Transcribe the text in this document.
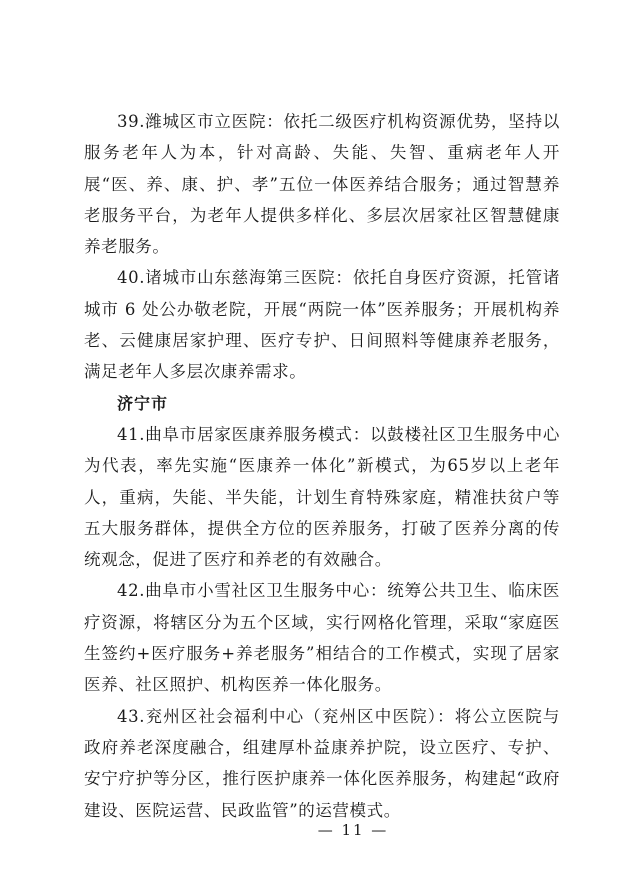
39.潍城区市立医院：依托二级医疗机构资源优势，坚持以服务老年人为本，针对高龄、失能、失智、重病老年人开展“医、养、康、护、孝”五位一体医养结合服务；通过智慧养老服务平台，为老年人提供多样化、多层次居家社区智慧健康养老服务。

40.诸城市山东慈海第三医院：依托自身医疗资源，托管诸城市 6 处公办敬老院，开展“两院一体”医养服务；开展机构养老、云健康居家护理、医疗专护、日间照料等健康养老服务，满足老年人多层次康养需求。

济宁市

41.曲阜市居家医康养服务模式：以鼓楼社区卫生服务中心为代表，率先实施“医康养一体化”新模式，为65岁以上老年人，重病，失能、半失能，计划生育特殊家庭，精准扶贫户等五大服务群体，提供全方位的医养服务，打破了医养分离的传统观念，促进了医疗和养老的有效融合。

42.曲阜市小雪社区卫生服务中心：统筹公共卫生、临床医疗资源，将辖区分为五个区域，实行网格化管理，采取“家庭医生签约+医疗服务+养老服务”相结合的工作模式，实现了居家医养、社区照护、机构医养一体化服务。

43.兖州区社会福利中心（兖州区中医院）：将公立医院与政府养老深度融合，组建厚朴益康养护院，设立医疗、专护、安宁疗护等分区，推行医护康养一体化医养服务，构建起“政府建设、医院运营、民政监管”的运营模式。

— 11 —
